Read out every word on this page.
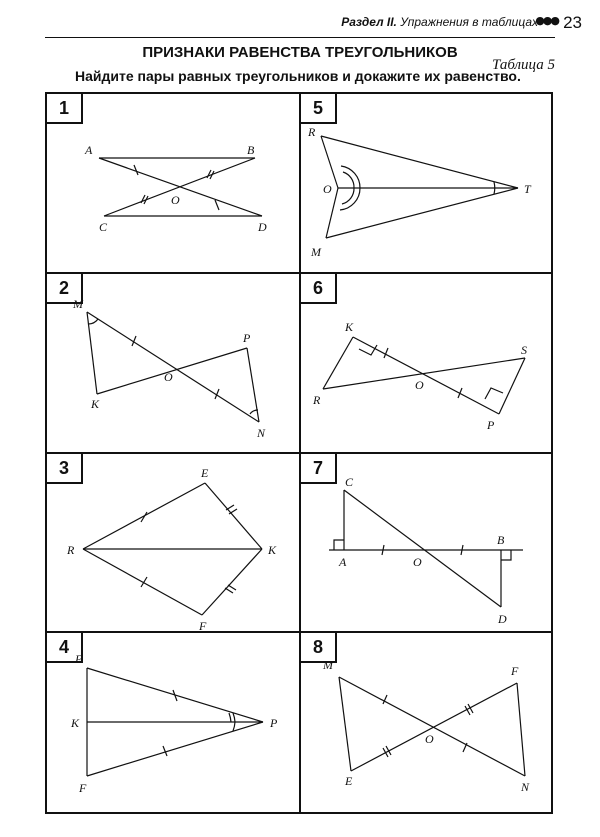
Раздел II. Упражнения в таблицах
●●● 23
ПРИЗНАКИ РАВЕНСТВА ТРЕУГОЛЬНИКОВ
Таблица 5
Найдите пары равных треугольников и докажите их равенство.
1
A	B
C	D
O
5
R
O	T
M
2
M
P
O
K
N
6
K
S
O
R
P
3	E
R	K
F
7
C
A	O
B
D
4
E
K	P
F
8
M	F
O
E	N
